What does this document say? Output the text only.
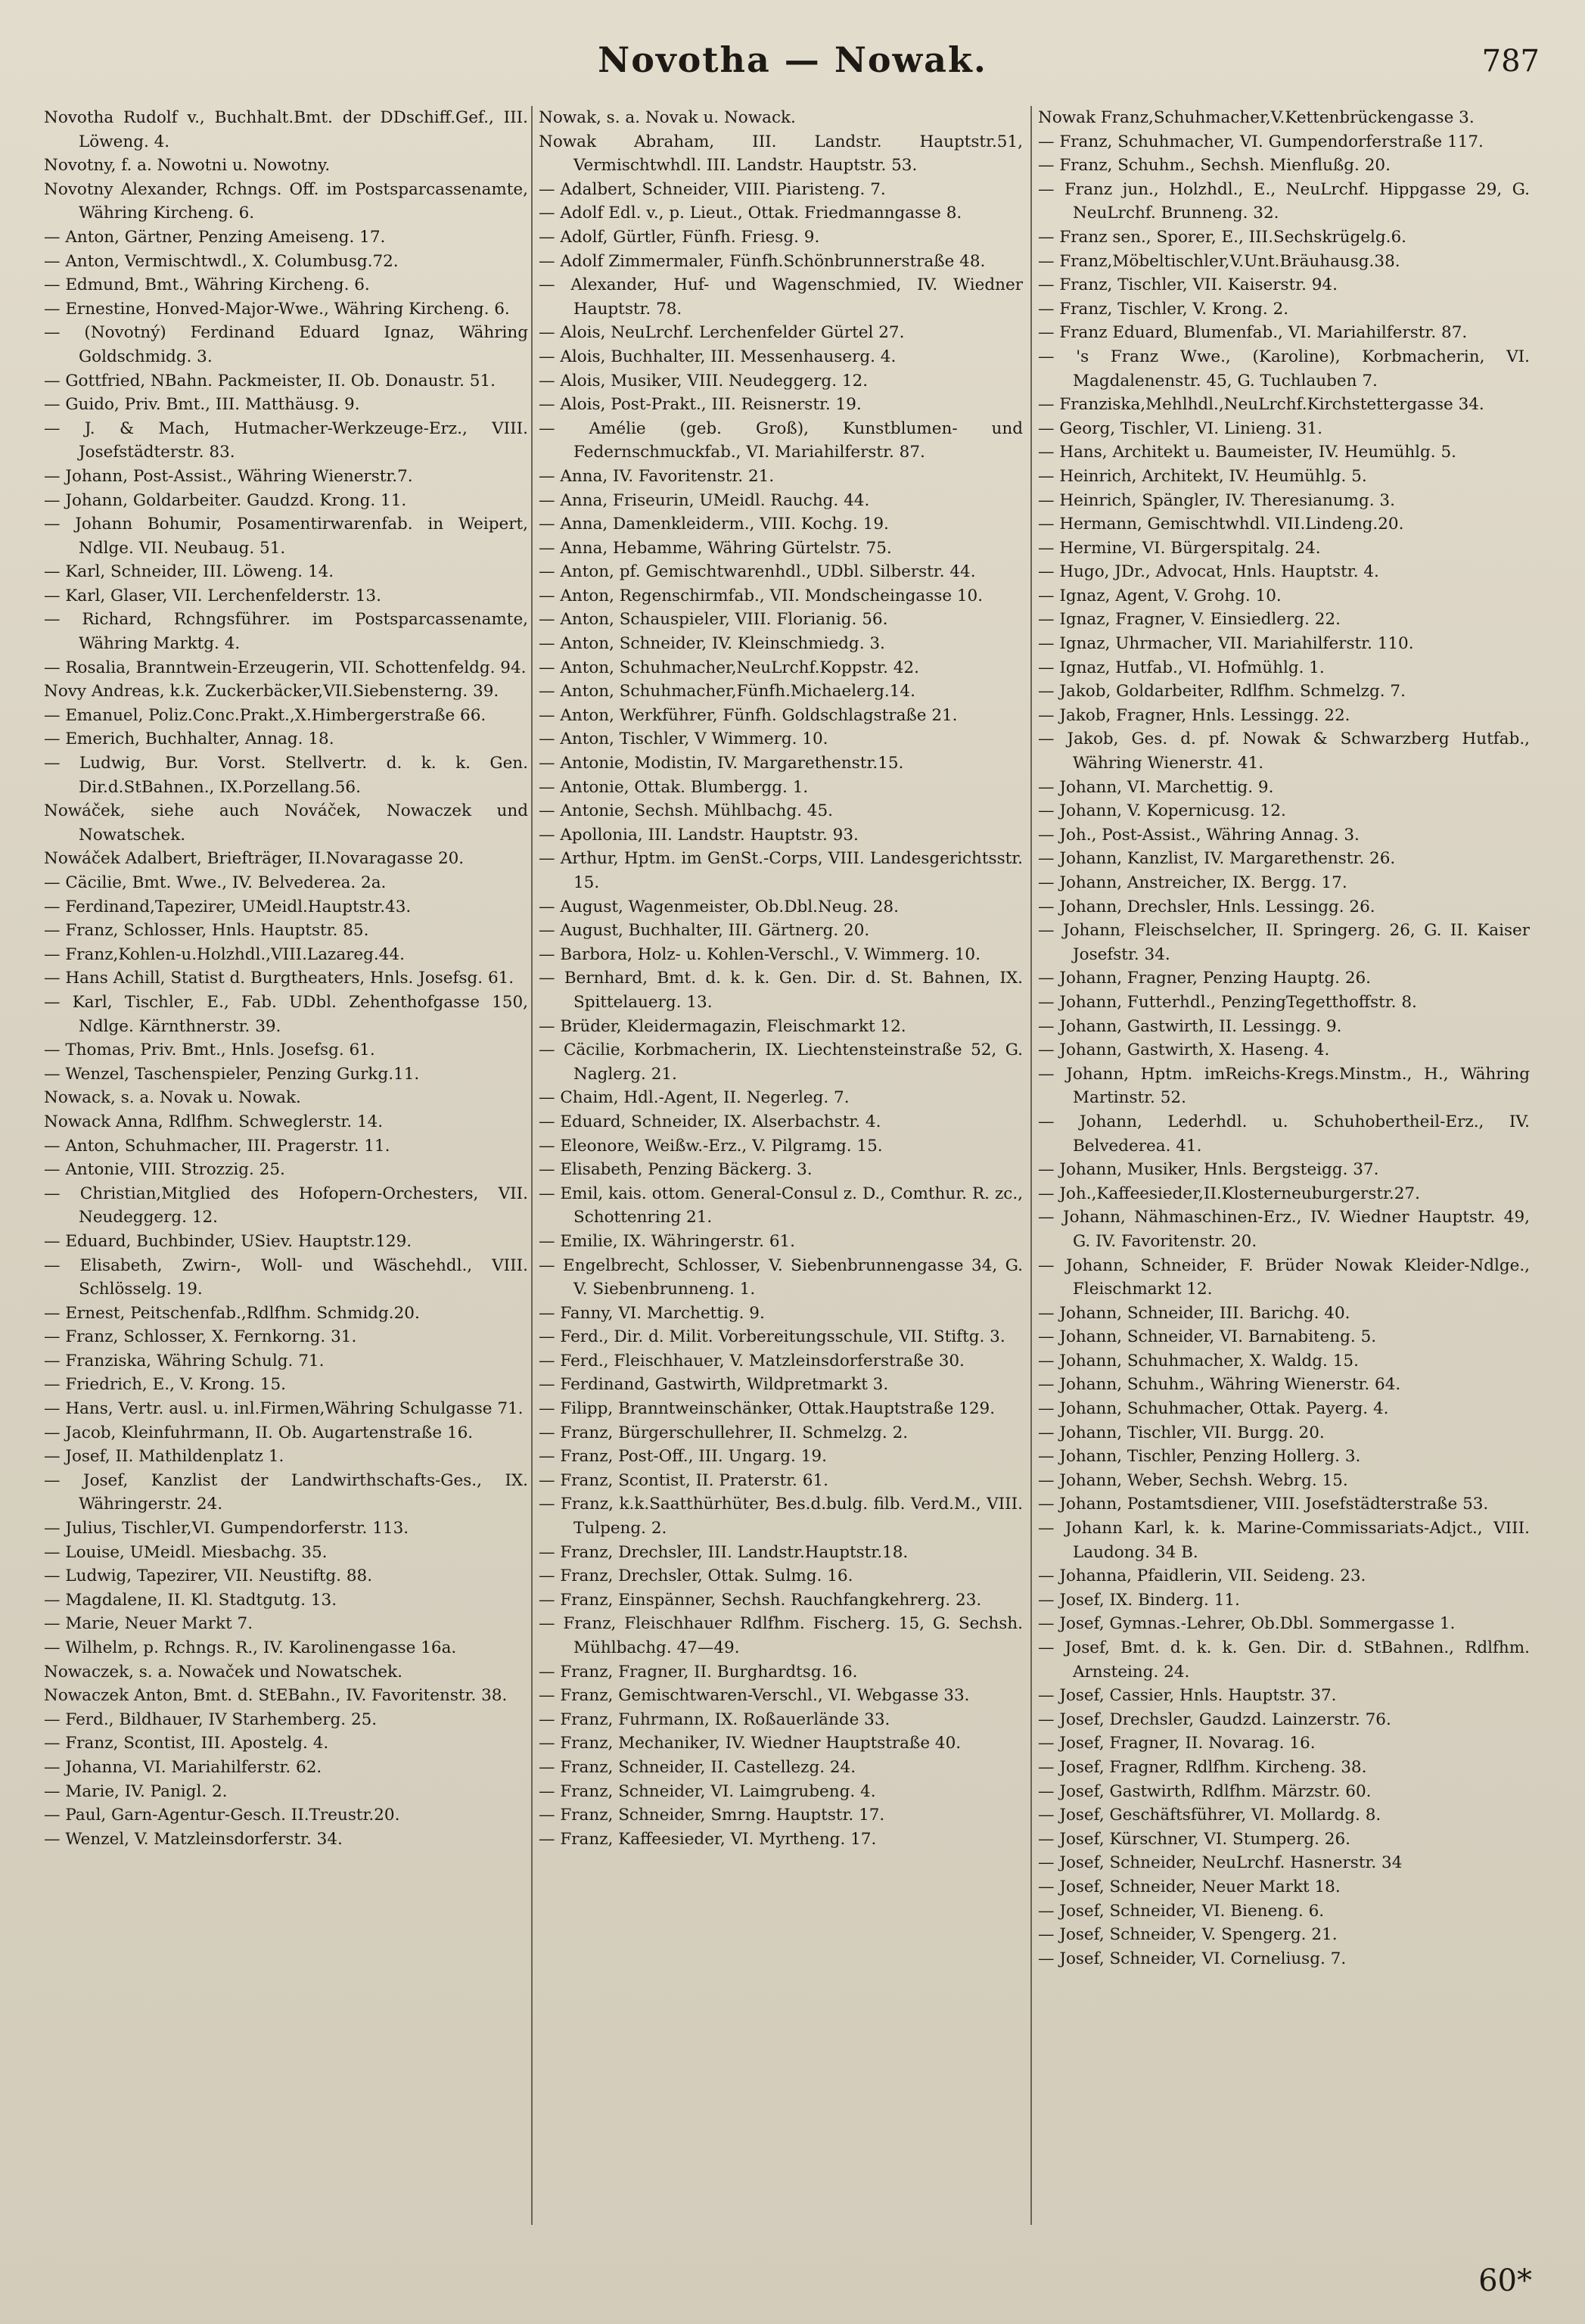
Novotha — Nowak.	787
Novotha Rudolf v., Buchhalt.Bmt. der DDschiff.Gef., III. Löweng. 4.
Novotny, f. a. Nowotni u. Nowotny.
Novotny Alexander, Rchngs. Off. im Postsparcassenamte, Währing Kircheng. 6.
— Anton, Gärtner, Penzing Ameiseng. 17.
— Anton, Vermischtwdl., X. Columbusg.72.
— Edmund, Bmt., Währing Kircheng. 6.
— Ernestine, Honved-Major-Wwe., Währing Kircheng. 6.
— (Novotný) Ferdinand Eduard Ignaz, Währing Goldschmidg. 3.
— Gottfried, NBahn. Packmeister, II. Ob. Donaustr. 51.
— Guido, Priv. Bmt., III. Matthäusg. 9.
— J. & Mach, Hutmacher-Werkzeuge-Erz., VIII. Josefstädterstr. 83.
— Johann, Post-Assist., Währing Wienerstr.7.
— Johann, Goldarbeiter. Gaudzd. Krong. 11.
— Johann Bohumir, Posamentirwarenfab. in Weipert, Ndlge. VII. Neubaug. 51.
— Karl, Schneider, III. Löweng. 14.
— Karl, Glaser, VII. Lerchenfelderstr. 13.
— Richard, Rchngsführer. im Postsparcassenamte, Währing Marktg. 4.
— Rosalia, Branntwein-Erzeugerin, VII. Schottenfeldg. 94.
Novy Andreas, k.k. Zuckerbäcker,VII.Siebensterng. 39.
— Emanuel, Poliz.Conc.Prakt.,X.Himbergerstraße 66.
— Emerich, Buchhalter, Annag. 18.
— Ludwig, Bur. Vorst. Stellvertr. d. k. k. Gen. Dir.d.StBahnen., IX.Porzellang.56.
Nowáček, siehe auch Nováček, Nowaczek und Nowatschek.
Nowáček Adalbert, Briefträger, II.Novaragasse 20.
— Cäcilie, Bmt. Wwe., IV. Belvederea. 2a.
— Ferdinand,Tapezirer, UMeidl.Hauptstr.43.
— Franz, Schlosser, Hnls. Hauptstr. 85.
— Franz,Kohlen-u.Holzhdl.,VIII.Lazareg.44.
— Hans Achill, Statist d. Burgtheaters, Hnls. Josefsg. 61.
— Karl, Tischler, E., Fab. UDbl. Zehenthofgasse 150, Ndlge. Kärnthnerstr. 39.
— Thomas, Priv. Bmt., Hnls. Josefsg. 61.
— Wenzel, Taschenspieler, Penzing Gurkg.11.
Nowack, s. a. Novak u. Nowak.
Nowack Anna, Rdlfhm. Schweglerstr. 14.
— Anton, Schuhmacher, III. Pragerstr. 11.
— Antonie, VIII. Strozzig. 25.
— Christian,Mitglied des Hofopern-Orchesters, VII. Neudeggerg. 12.
— Eduard, Buchbinder, USiev. Hauptstr.129.
— Elisabeth, Zwirn-, Woll- und Wäschehdl., VIII. Schlösselg. 19.
— Ernest, Peitschenfab.,Rdlfhm. Schmidg.20.
— Franz, Schlosser, X. Fernkorng. 31.
— Franziska, Währing Schulg. 71.
— Friedrich, E., V. Krong. 15.
— Hans, Vertr. ausl. u. inl.Firmen,Währing Schulgasse 71.
— Jacob, Kleinfuhrmann, II. Ob. Augartenstraße 16.
— Josef, II. Mathildenplatz 1.
— Josef, Kanzlist der Landwirthschafts-Ges., IX. Währingerstr. 24.
— Julius, Tischler,VI. Gumpendorferstr. 113.
— Louise, UMeidl. Miesbachg. 35.
— Ludwig, Tapezirer, VII. Neustiftg. 88.
— Magdalene, II. Kl. Stadtgutg. 13.
— Marie, Neuer Markt 7.
— Wilhelm, p. Rchngs. R., IV. Karolinengasse 16a.
Nowaczek, s. a. Nowaček und Nowatschek.
Nowaczek Anton, Bmt. d. StEBahn., IV. Favoritenstr. 38.
— Ferd., Bildhauer, IV Starhemberg. 25.
— Franz, Scontist, III. Apostelg. 4.
— Johanna, VI. Mariahilferstr. 62.
— Marie, IV. Panigl. 2.
— Paul, Garn-Agentur-Gesch. II.Treustr.20.
— Wenzel, V. Matzleinsdorferstr. 34.
Nowak, s. a. Novak u. Nowack.
Nowak Abraham, III. Landstr. Hauptstr.51, Vermischtwhdl. III. Landstr. Hauptstr. 53.
— Adalbert, Schneider, VIII. Piaristeng. 7.
— Adolf Edl. v., p. Lieut., Ottak. Friedmanngasse 8.
— Adolf, Gürtler, Fünfh. Friesg. 9.
— Adolf Zimmermaler, Fünfh.Schönbrunnerstraße 48.
— Alexander, Huf- und Wagenschmied, IV. Wiedner Hauptstr. 78.
— Alois, NeuLrchf. Lerchenfelder Gürtel 27.
— Alois, Buchhalter, III. Messenhauserg. 4.
— Alois, Musiker, VIII. Neudeggerg. 12.
— Alois, Post-Prakt., III. Reisnerstr. 19.
— Amélie (geb. Groß), Kunstblumen- und Federnschmuckfab., VI. Mariahilferstr. 87.
— Anna, IV. Favoritenstr. 21.
— Anna, Friseurin, UMeidl. Rauchg. 44.
— Anna, Damenkleiderm., VIII. Kochg. 19.
— Anna, Hebamme, Währing Gürtelstr. 75.
— Anton, pf. Gemischtwarenhdl., UDbl. Silberstr. 44.
— Anton, Regenschirmfab., VII. Mondscheingasse 10.
— Anton, Schauspieler, VIII. Florianig. 56.
— Anton, Schneider, IV. Kleinschmiedg. 3.
— Anton, Schuhmacher,NeuLrchf.Koppstr. 42.
— Anton, Schuhmacher,Fünfh.Michaelerg.14.
— Anton, Werkführer, Fünfh. Goldschlagstraße 21.
— Anton, Tischler, V Wimmerg. 10.
— Antonie, Modistin, IV. Margarethenstr.15.
— Antonie, Ottak. Blumbergg. 1.
— Antonie, Sechsh. Mühlbachg. 45.
— Apollonia, III. Landstr. Hauptstr. 93.
— Arthur, Hptm. im GenSt.-Corps, VIII. Landesgerichtsstr. 15.
— August, Wagenmeister, Ob.Dbl.Neug. 28.
— August, Buchhalter, III. Gärtnerg. 20.
— Barbora, Holz- u. Kohlen-Verschl., V. Wimmerg. 10.
— Bernhard, Bmt. d. k. k. Gen. Dir. d. St. Bahnen, IX. Spittelauerg. 13.
— Brüder, Kleidermagazin, Fleischmarkt 12.
— Cäcilie, Korbmacherin, IX. Liechtensteinstraße 52, G. Naglerg. 21.
— Chaim, Hdl.-Agent, II. Negerleg. 7.
— Eduard, Schneider, IX. Alserbachstr. 4.
— Eleonore, Weißw.-Erz., V. Pilgramg. 15.
— Elisabeth, Penzing Bäckerg. 3.
— Emil, kais. ottom. General-Consul z. D., Comthur. R. zc., Schottenring 21.
— Emilie, IX. Währingerstr. 61.
— Engelbrecht, Schlosser, V. Siebenbrunnengasse 34, G. V. Siebenbrunneng. 1.
— Fanny, VI. Marchettig. 9.
— Ferd., Dir. d. Milit. Vorbereitungsschule, VII. Stiftg. 3.
— Ferd., Fleischhauer, V. Matzleinsdorferstraße 30.
— Ferdinand, Gastwirth, Wildpretmarkt 3.
— Filipp, Branntweinschänker, Ottak.Hauptstraße 129.
— Franz, Bürgerschullehrer, II. Schmelzg. 2.
— Franz, Post-Off., III. Ungarg. 19.
— Franz, Scontist, II. Praterstr. 61.
— Franz, k.k.Saatthürhüter, Bes.d.bulg. filb. Verd.M., VIII. Tulpeng. 2.
— Franz, Drechsler, III. Landstr.Hauptstr.18.
— Franz, Drechsler, Ottak. Sulmg. 16.
— Franz, Einspänner, Sechsh. Rauchfangkehrerg. 23.
— Franz, Fleischhauer Rdlfhm. Fischerg. 15, G. Sechsh. Mühlbachg. 47—49.
— Franz, Fragner, II. Burghardtsg. 16.
— Franz, Gemischtwaren-Verschl., VI. Webgasse 33.
— Franz, Fuhrmann, IX. Roßauerlände 33.
— Franz, Mechaniker, IV. Wiedner Hauptstraße 40.
— Franz, Schneider, II. Castellezg. 24.
— Franz, Schneider, VI. Laimgrubeng. 4.
— Franz, Schneider, Smrng. Hauptstr. 17.
— Franz, Kaffeesieder, VI. Myrtheng. 17.
Nowak Franz,Schuhmacher,V.Kettenbrückengasse 3.
— Franz, Schuhmacher, VI. Gumpendorferstraße 117.
— Franz, Schuhm., Sechsh. Mienflußg. 20.
— Franz jun., Holzhdl., E., NeuLrchf. Hippgasse 29, G. NeuLrchf. Brunneng. 32.
— Franz sen., Sporer, E., III.Sechskrügelg.6.
— Franz,Möbeltischler,V.Unt.Bräuhausg.38.
— Franz, Tischler, VII. Kaiserstr. 94.
— Franz, Tischler, V. Krong. 2.
— Franz Eduard, Blumenfab., VI. Mariahilferstr. 87.
— 's Franz Wwe., (Karoline), Korbmacherin, VI. Magdalenenstr. 45, G. Tuchlauben 7.
— Franziska,Mehlhdl.,NeuLrchf.Kirchstettergasse 34.
— Georg, Tischler, VI. Linieng. 31.
— Hans, Architekt u. Baumeister, IV. Heumühlg. 5.
— Heinrich, Architekt, IV. Heumühlg. 5.
— Heinrich, Spängler, IV. Theresianumg. 3.
— Hermann, Gemischtwhdl. VII.Lindeng.20.
— Hermine, VI. Bürgerspitalg. 24.
— Hugo, JDr., Advocat, Hnls. Hauptstr. 4.
— Ignaz, Agent, V. Grohg. 10.
— Ignaz, Fragner, V. Einsiedlerg. 22.
— Ignaz, Uhrmacher, VII. Mariahilferstr. 110.
— Ignaz, Hutfab., VI. Hofmühlg. 1.
— Jakob, Goldarbeiter, Rdlfhm. Schmelzg. 7.
— Jakob, Fragner, Hnls. Lessingg. 22.
— Jakob, Ges. d. pf. Nowak & Schwarzberg Hutfab., Währing Wienerstr. 41.
— Johann, VI. Marchettig. 9.
— Johann, V. Kopernicusg. 12.
— Joh., Post-Assist., Währing Annag. 3.
— Johann, Kanzlist, IV. Margarethenstr. 26.
— Johann, Anstreicher, IX. Bergg. 17.
— Johann, Drechsler, Hnls. Lessingg. 26.
— Johann, Fleischselcher, II. Springerg. 26, G. II. Kaiser Josefstr. 34.
— Johann, Fragner, Penzing Hauptg. 26.
— Johann, Futterhdl., PenzingTegetthoffstr. 8.
— Johann, Gastwirth, II. Lessingg. 9.
— Johann, Gastwirth, X. Haseng. 4.
— Johann, Hptm. imReichs-Kregs.Minstm., H., Währing Martinstr. 52.
— Johann, Lederhdl. u. Schuhobertheil-Erz., IV. Belvederea. 41.
— Johann, Musiker, Hnls. Bergsteigg. 37.
— Joh.,Kaffeesieder,II.Klosterneuburgerstr.27.
— Johann, Nähmaschinen-Erz., IV. Wiedner Hauptstr. 49, G. IV. Favoritenstr. 20.
— Johann, Schneider, F. Brüder Nowak Kleider-Ndlge., Fleischmarkt 12.
— Johann, Schneider, III. Barichg. 40.
— Johann, Schneider, VI. Barnabiteng. 5.
— Johann, Schuhmacher, X. Waldg. 15.
— Johann, Schuhm., Währing Wienerstr. 64.
— Johann, Schuhmacher, Ottak. Payerg. 4.
— Johann, Tischler, VII. Burgg. 20.
— Johann, Tischler, Penzing Hollerg. 3.
— Johann, Weber, Sechsh. Webrg. 15.
— Johann, Postamtsdiener, VIII. Josefstädterstraße 53.
— Johann Karl, k. k. Marine-Commissariats-Adjct., VIII. Laudong. 34 B.
— Johanna, Pfaidlerin, VII. Seideng. 23.
— Josef, IX. Binderg. 11.
— Josef, Gymnas.-Lehrer, Ob.Dbl. Sommergasse 1.
— Josef, Bmt. d. k. k. Gen. Dir. d. StBahnen., Rdlfhm. Arnsteing. 24.
— Josef, Cassier, Hnls. Hauptstr. 37.
— Josef, Drechsler, Gaudzd. Lainzerstr. 76.
— Josef, Fragner, II. Novarag. 16.
— Josef, Fragner, Rdlfhm. Kircheng. 38.
— Josef, Gastwirth, Rdlfhm. Märzstr. 60.
— Josef, Geschäftsführer, VI. Mollardg. 8.
— Josef, Kürschner, VI. Stumperg. 26.
— Josef, Schneider, NeuLrchf. Hasnerstr. 34
— Josef, Schneider, Neuer Markt 18.
— Josef, Schneider, VI. Bieneng. 6.
— Josef, Schneider, V. Spengerg. 21.
— Josef, Schneider, VI. Corneliusg. 7.
60*
